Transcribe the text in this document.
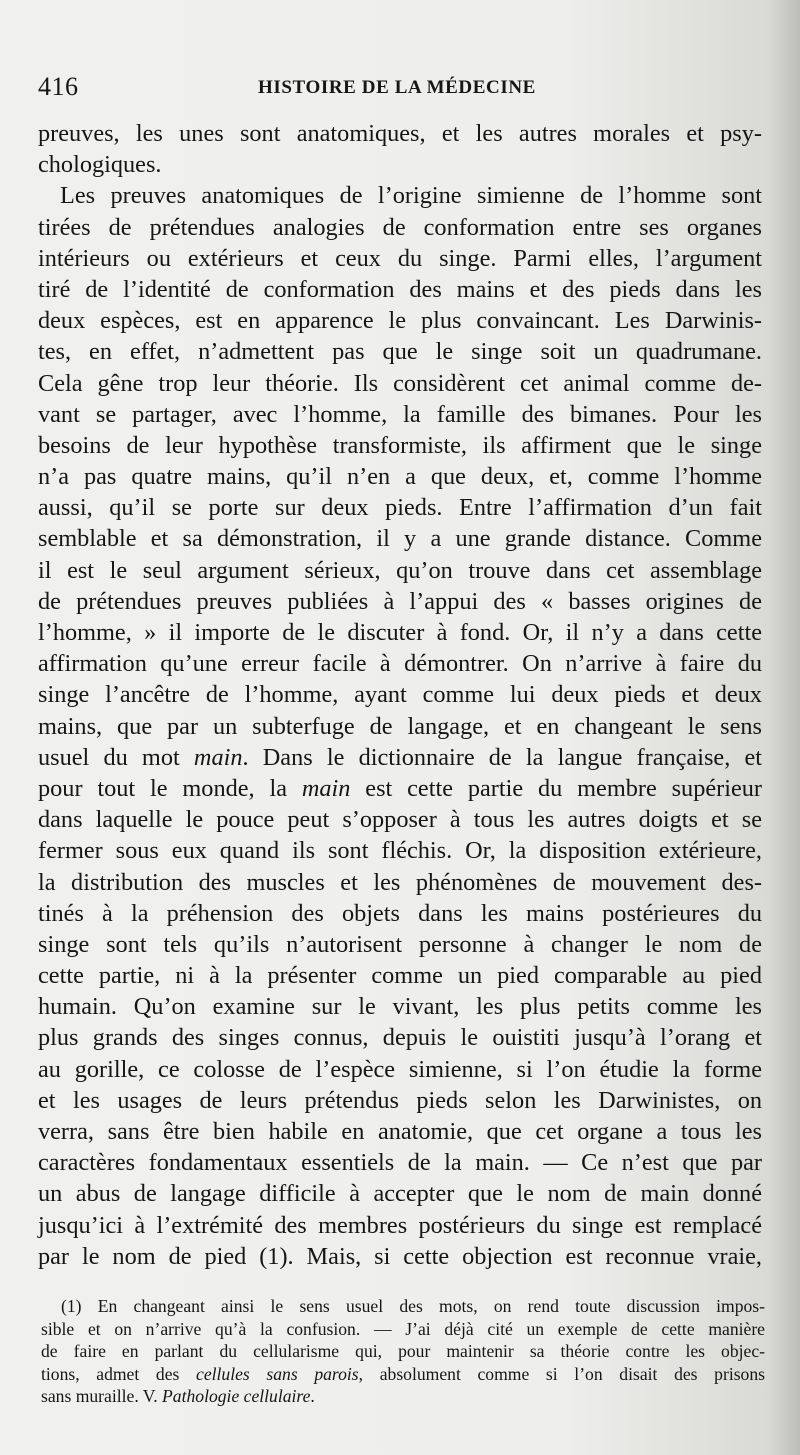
416	HISTOIRE DE LA MÉDECINE
preuves, les unes sont anatomiques, et les autres morales et psy-
chologiques.
Les preuves anatomiques de l’origine simienne de l’homme sont
tirées de prétendues analogies de conformation entre ses organes
intérieurs ou extérieurs et ceux du singe. Parmi elles, l’argument
tiré de l’identité de conformation des mains et des pieds dans les
deux espèces, est en apparence le plus convaincant. Les Darwinis-
tes, en effet, n’admettent pas que le singe soit un quadrumane.
Cela gêne trop leur théorie. Ils considèrent cet animal comme de-
vant se partager, avec l’homme, la famille des bimanes. Pour les
besoins de leur hypothèse transformiste, ils affirment que le singe
n’a pas quatre mains, qu’il n’en a que deux, et, comme l’homme
aussi, qu’il se porte sur deux pieds. Entre l’affirmation d’un fait
semblable et sa démonstration, il y a une grande distance. Comme
il est le seul argument sérieux, qu’on trouve dans cet assemblage
de prétendues preuves publiées à l’appui des « basses origines de
l’homme, » il importe de le discuter à fond. Or, il n’y a dans cette
affirmation qu’une erreur facile à démontrer. On n’arrive à faire du
singe l’ancêtre de l’homme, ayant comme lui deux pieds et deux
mains, que par un subterfuge de langage, et en changeant le sens
usuel du mot main. Dans le dictionnaire de la langue française, et
pour tout le monde, la main est cette partie du membre supérieur
dans laquelle le pouce peut s’opposer à tous les autres doigts et se
fermer sous eux quand ils sont fléchis. Or, la disposition extérieure,
la distribution des muscles et les phénomènes de mouvement des-
tinés à la préhension des objets dans les mains postérieures du
singe sont tels qu’ils n’autorisent personne à changer le nom de
cette partie, ni à la présenter comme un pied comparable au pied
humain. Qu’on examine sur le vivant, les plus petits comme les
plus grands des singes connus, depuis le ouistiti jusqu’à l’orang et
au gorille, ce colosse de l’espèce simienne, si l’on étudie la forme
et les usages de leurs prétendus pieds selon les Darwinistes, on
verra, sans être bien habile en anatomie, que cet organe a tous les
caractères fondamentaux essentiels de la main. — Ce n’est que par
un abus de langage difficile à accepter que le nom de main donné
jusqu’ici à l’extrémité des membres postérieurs du singe est remplacé
par le nom de pied (1). Mais, si cette objection est reconnue vraie,
(1) En changeant ainsi le sens usuel des mots, on rend toute discussion impos-
sible et on n’arrive qu’à la confusion. — J’ai déjà cité un exemple de cette manière
de faire en parlant du cellularisme qui, pour maintenir sa théorie contre les objec-
tions, admet des cellules sans parois, absolument comme si l’on disait des prisons
sans muraille. V. Pathologie cellulaire.
